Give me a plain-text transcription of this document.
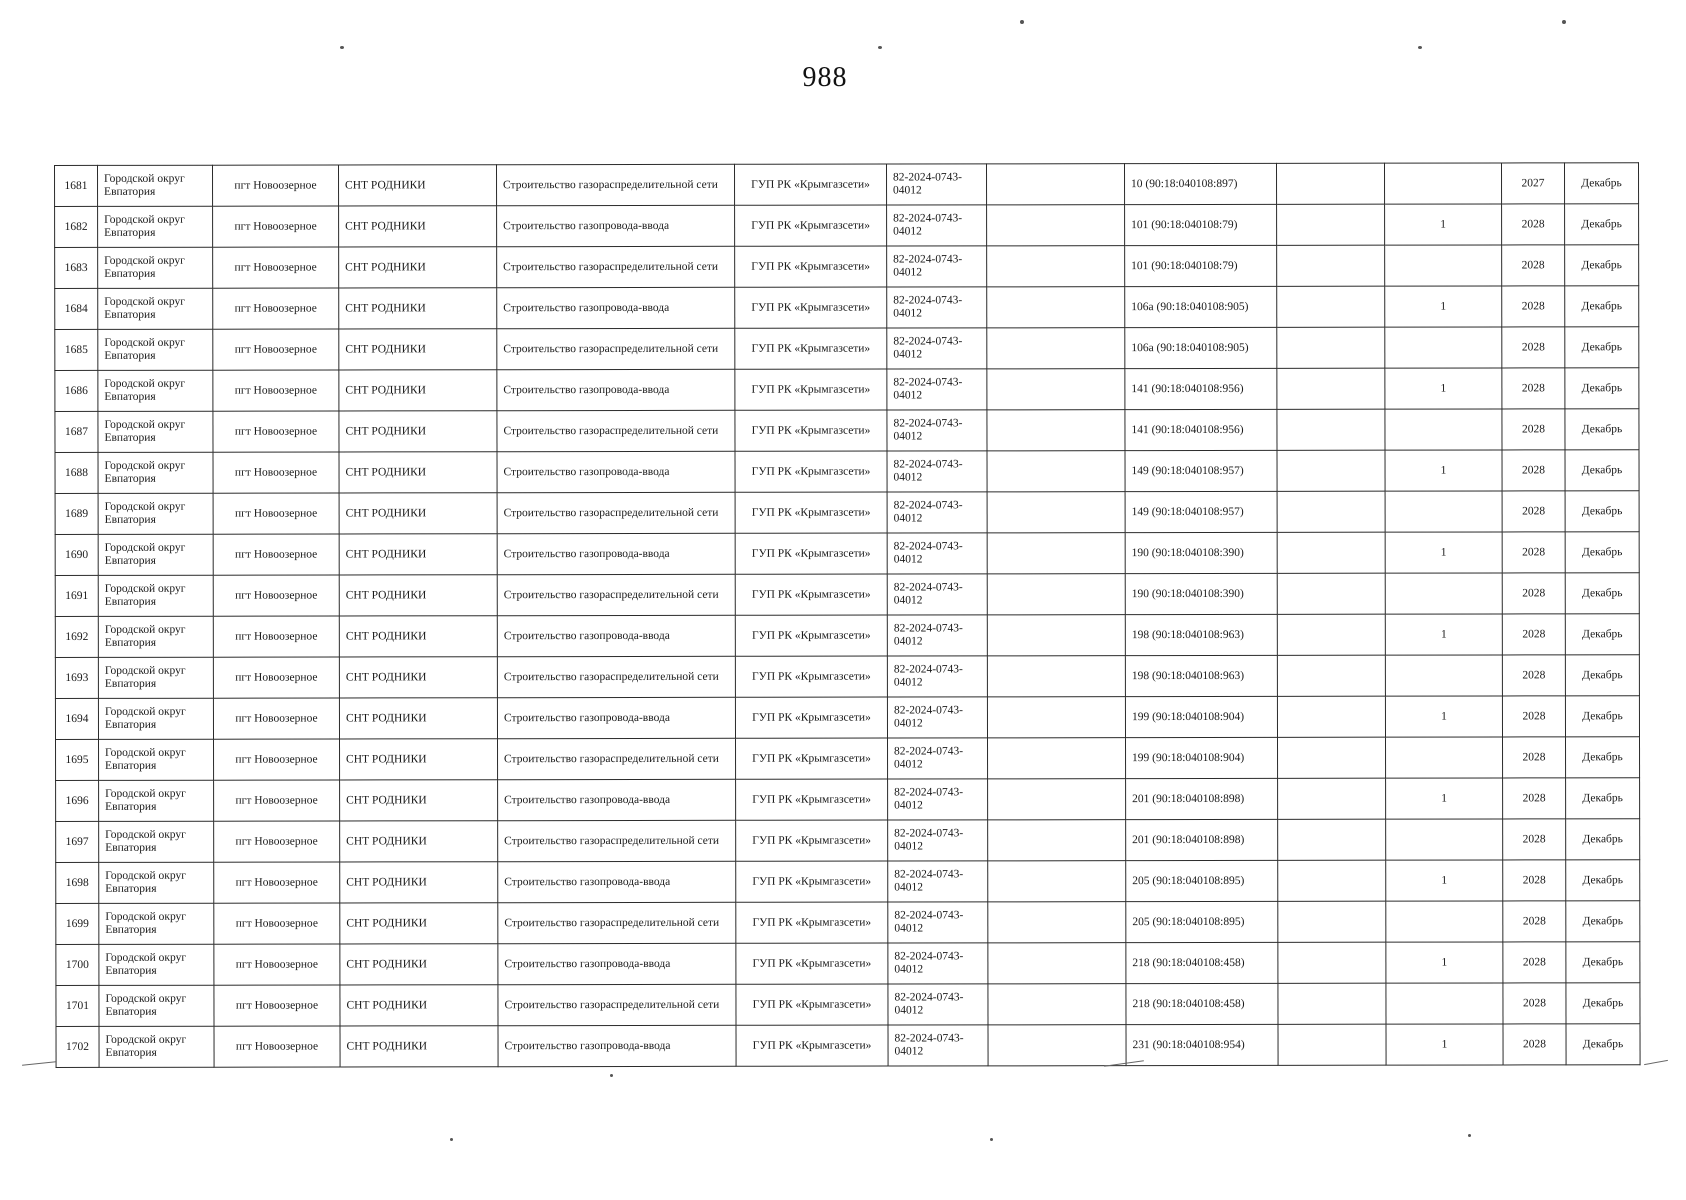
988
1681	Городской округ Евпатория	пгт Новоозерное	СНТ РОДНИКИ	Строительство газораспределительной сети	ГУП РК «Крымгазсети»	82-2024-0743-04012		10 (90:18:040108:897)			2027	Декабрь
1682	Городской округ Евпатория	пгт Новоозерное	СНТ РОДНИКИ	Строительство газопровода-ввода	ГУП РК «Крымгазсети»	82-2024-0743-04012		101 (90:18:040108:79)		1	2028	Декабрь
1683	Городской округ Евпатория	пгт Новоозерное	СНТ РОДНИКИ	Строительство газораспределительной сети	ГУП РК «Крымгазсети»	82-2024-0743-04012		101 (90:18:040108:79)			2028	Декабрь
1684	Городской округ Евпатория	пгт Новоозерное	СНТ РОДНИКИ	Строительство газопровода-ввода	ГУП РК «Крымгазсети»	82-2024-0743-04012		106а (90:18:040108:905)		1	2028	Декабрь
1685	Городской округ Евпатория	пгт Новоозерное	СНТ РОДНИКИ	Строительство газораспределительной сети	ГУП РК «Крымгазсети»	82-2024-0743-04012		106а (90:18:040108:905)			2028	Декабрь
1686	Городской округ Евпатория	пгт Новоозерное	СНТ РОДНИКИ	Строительство газопровода-ввода	ГУП РК «Крымгазсети»	82-2024-0743-04012		141 (90:18:040108:956)		1	2028	Декабрь
1687	Городской округ Евпатория	пгт Новоозерное	СНТ РОДНИКИ	Строительство газораспределительной сети	ГУП РК «Крымгазсети»	82-2024-0743-04012		141 (90:18:040108:956)			2028	Декабрь
1688	Городской округ Евпатория	пгт Новоозерное	СНТ РОДНИКИ	Строительство газопровода-ввода	ГУП РК «Крымгазсети»	82-2024-0743-04012		149 (90:18:040108:957)		1	2028	Декабрь
1689	Городской округ Евпатория	пгт Новоозерное	СНТ РОДНИКИ	Строительство газораспределительной сети	ГУП РК «Крымгазсети»	82-2024-0743-04012		149 (90:18:040108:957)			2028	Декабрь
1690	Городской округ Евпатория	пгт Новоозерное	СНТ РОДНИКИ	Строительство газопровода-ввода	ГУП РК «Крымгазсети»	82-2024-0743-04012		190 (90:18:040108:390)		1	2028	Декабрь
1691	Городской округ Евпатория	пгт Новоозерное	СНТ РОДНИКИ	Строительство газораспределительной сети	ГУП РК «Крымгазсети»	82-2024-0743-04012		190 (90:18:040108:390)			2028	Декабрь
1692	Городской округ Евпатория	пгт Новоозерное	СНТ РОДНИКИ	Строительство газопровода-ввода	ГУП РК «Крымгазсети»	82-2024-0743-04012		198 (90:18:040108:963)		1	2028	Декабрь
1693	Городской округ Евпатория	пгт Новоозерное	СНТ РОДНИКИ	Строительство газораспределительной сети	ГУП РК «Крымгазсети»	82-2024-0743-04012		198 (90:18:040108:963)			2028	Декабрь
1694	Городской округ Евпатория	пгт Новоозерное	СНТ РОДНИКИ	Строительство газопровода-ввода	ГУП РК «Крымгазсети»	82-2024-0743-04012		199 (90:18:040108:904)		1	2028	Декабрь
1695	Городской округ Евпатория	пгт Новоозерное	СНТ РОДНИКИ	Строительство газораспределительной сети	ГУП РК «Крымгазсети»	82-2024-0743-04012		199 (90:18:040108:904)			2028	Декабрь
1696	Городской округ Евпатория	пгт Новоозерное	СНТ РОДНИКИ	Строительство газопровода-ввода	ГУП РК «Крымгазсети»	82-2024-0743-04012		201 (90:18:040108:898)		1	2028	Декабрь
1697	Городской округ Евпатория	пгт Новоозерное	СНТ РОДНИКИ	Строительство газораспределительной сети	ГУП РК «Крымгазсети»	82-2024-0743-04012		201 (90:18:040108:898)			2028	Декабрь
1698	Городской округ Евпатория	пгт Новоозерное	СНТ РОДНИКИ	Строительство газопровода-ввода	ГУП РК «Крымгазсети»	82-2024-0743-04012		205 (90:18:040108:895)		1	2028	Декабрь
1699	Городской округ Евпатория	пгт Новоозерное	СНТ РОДНИКИ	Строительство газораспределительной сети	ГУП РК «Крымгазсети»	82-2024-0743-04012		205 (90:18:040108:895)			2028	Декабрь
1700	Городской округ Евпатория	пгт Новоозерное	СНТ РОДНИКИ	Строительство газопровода-ввода	ГУП РК «Крымгазсети»	82-2024-0743-04012		218 (90:18:040108:458)		1	2028	Декабрь
1701	Городской округ Евпатория	пгт Новоозерное	СНТ РОДНИКИ	Строительство газораспределительной сети	ГУП РК «Крымгазсети»	82-2024-0743-04012		218 (90:18:040108:458)			2028	Декабрь
1702	Городской округ Евпатория	пгт Новоозерное	СНТ РОДНИКИ	Строительство газопровода-ввода	ГУП РК «Крымгазсети»	82-2024-0743-04012		231 (90:18:040108:954)		1	2028	Декабрь
